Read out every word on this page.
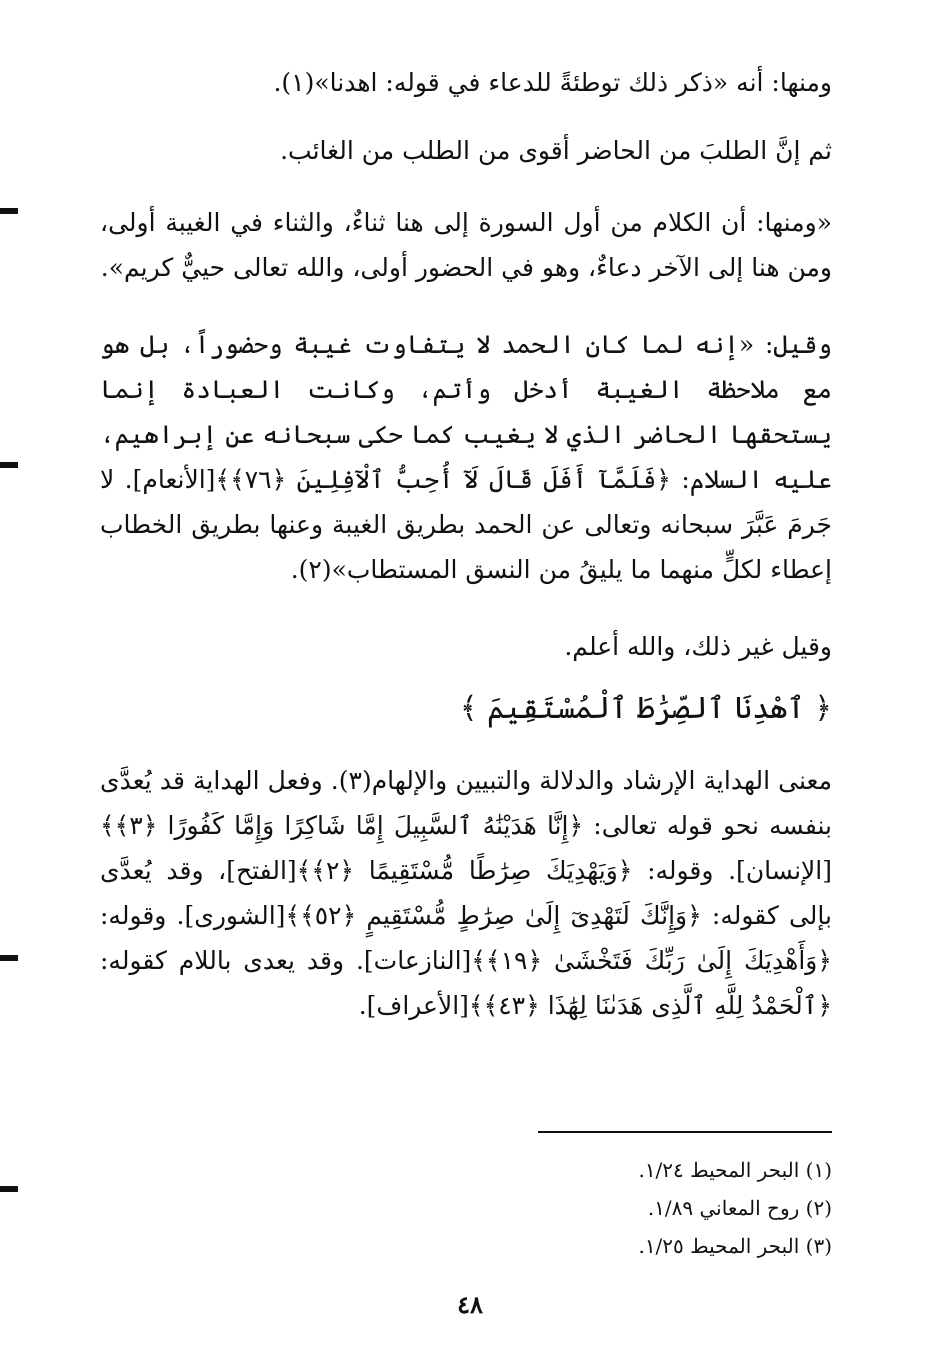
ومنها: أنه «ذكر ذلك توطئةً للدعاء في قوله: اهدنا»(١).
ثم إنَّ الطلبَ من الحاضر أقوى من الطلب من الغائب.

«ومنها: أن الكلام من أول السورة إلى هنا ثناءٌ، والثناء في الغيبة أولى، ومن هنا إلى الآخر دعاءٌ، وهو في الحضور أولى، والله تعالى حييٌّ كريم».

وقيل: «إنه لما كان الحمد لا يتفاوت غيبة وحضوراً، بل هو مع ملاحظة الغيبة أدخل وأتم، وكانت العبادة إنما يستحقها الحاضر الذي لا يغيب كما حكى سبحانه عن إبراهيم، عليه السلام: ﴿فَلَمَّآ أَفَلَ قَالَ لَآ أُحِبُّ ٱلْآفِلِينَ ﴿٧٦﴾﴾[الأنعام]. لا جَرمَ عَبَّرَ سبحانه وتعالى عن الحمد بطريق الغيبة وعنها بطريق الخطاب إعطاء لكلٍّ منهما ما يليقُ من النسق المستطاب»(٢).

وقيل غير ذلك، والله أعلم.
﴿ ٱهْدِنَا ٱلصِّرَٰطَ ٱلْمُسْتَقِيمَ ﴾

معنى الهداية الإرشاد والدلالة والتبيين والإلهام(٣). وفعل الهداية قد يُعدَّى بنفسه نحو قوله تعالى: ﴿إِنَّا هَدَيْنَٰهُ ٱلسَّبِيلَ إِمَّا شَاكِرًا وَإِمَّا كَفُورًا ﴿٣﴾﴾[الإنسان]. وقوله: ﴿وَيَهْدِيَكَ صِرَٰطًا مُّسْتَقِيمًا ﴿٢﴾﴾[الفتح]، وقد يُعدَّى بإلى كقوله: ﴿وَإِنَّكَ لَتَهْدِىٓ إِلَىٰ صِرَٰطٍ مُّسْتَقِيمٍ ﴿٥٢﴾﴾[الشورى]. وقوله: ﴿وَأَهْدِيَكَ إِلَىٰ رَبِّكَ فَتَخْشَىٰ ﴿١٩﴾﴾[النازعات]. وقد يعدى باللام كقوله: ﴿ٱلْحَمْدُ لِلَّهِ ٱلَّذِى هَدَىٰنَا لِهَٰذَا ﴿٤٣﴾﴾[الأعراف].

(١) البحر المحيط ١/٢٤.
(٢) روح المعاني ١/٨٩.
(٣) البحر المحيط ١/٢٥.
٤٨
